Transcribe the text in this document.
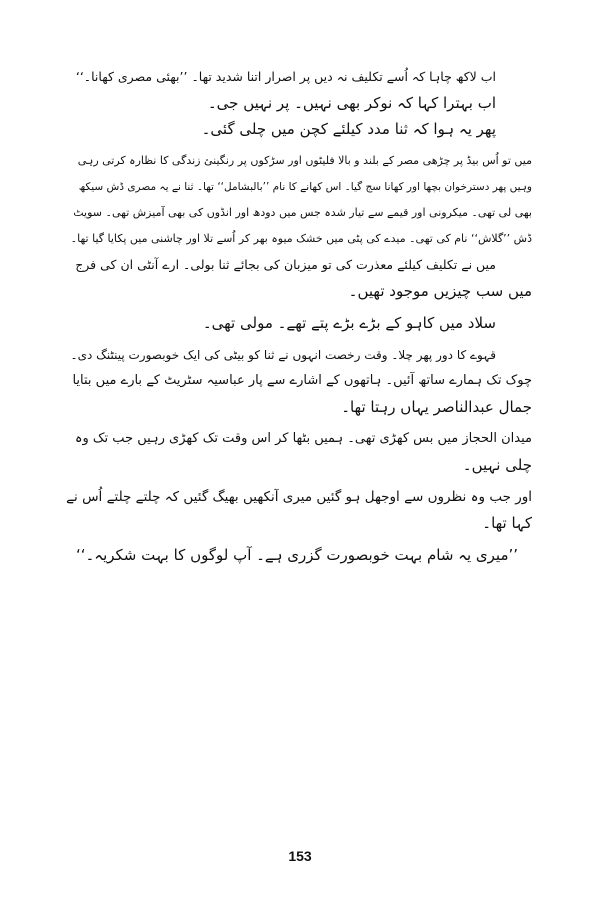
اب لاکھ چاہا کہ اُسے تکلیف نہ دیں پر اصرار اتنا شدید تھا۔ ’’بھئی مصری کھانا۔‘‘
اب بہترا کہا کہ نوکر بھی نہیں۔ پر نہیں جی۔
پھر یہ ہوا کہ ثنا مدد کیلئے کچن میں چلی گئی۔
میں تو اُس بیڈ پر چڑھی مصر کے بلند و بالا فلیٹوں اور سڑکوں پر رنگینئ زندگی کا نظارہ کرتی رہی
وہیں پھر دسترخوان بچھا اور کھانا سج گیا۔ اس کھانے کا نام ’’بالبشامل‘‘ تھا۔ ثنا نے یہ مصری ڈش سیکھ
بھی لی تھی۔ میکرونی اور قیمے سے تیار شدہ جس میں دودھ اور انڈوں کی بھی آمیزش تھی۔ سویٹ
ڈش ’’گلاش‘‘ نام کی تھی۔ میدے کی پٹی میں خشک میوہ بھر کر اُسے تلا اور چاشنی میں پکایا گیا تھا۔
میں نے تکلیف کیلئے معذرت کی تو میزبان کی بجائے ثنا بولی۔ ارے آنٹی ان کی فرج
میں سب چیزیں موجود تھیں۔
سلاد میں کاہو کے بڑے بڑے پتے تھے۔ مولی تھی۔
قہوے کا دور پھر چلا۔ وقت رخصت انہوں نے ثنا کو بیٹی کی ایک خوبصورت پینٹنگ دی۔
چوک تک ہمارے ساتھ آئیں۔ ہاتھوں کے اشارے سے پار عباسیہ سٹریٹ کے بارے میں بتایا
جمال عبدالناصر یہاں رہتا تھا۔
میدان الحجاز میں بس کھڑی تھی۔ ہمیں بٹھا کر اس وقت تک کھڑی رہیں جب تک وہ
چلی نہیں۔
اور جب وہ نظروں سے اوجھل ہو گئیں میری آنکھیں بھیگ گئیں کہ چلتے چلتے اُس نے
کہا تھا۔
’’میری یہ شام بہت خوبصورت گزری ہے۔ آپ لوگوں کا بہت شکریہ۔‘‘
153
